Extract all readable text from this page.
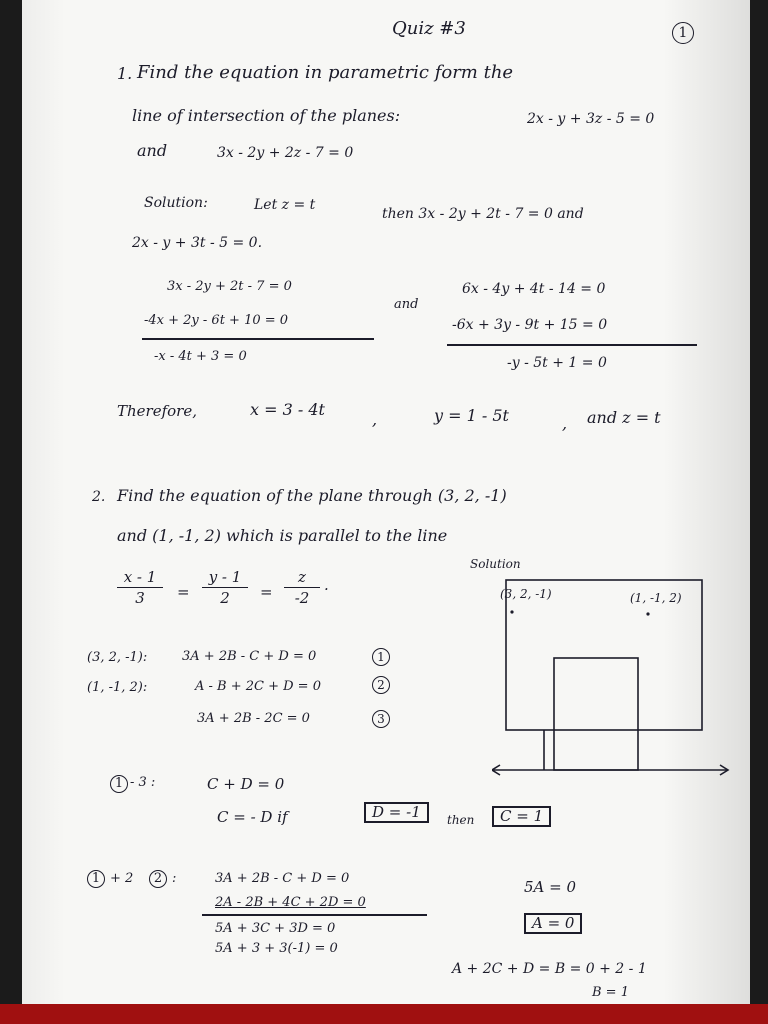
Quiz #3	1
1. Find the equation in parametric form the
line of intersection of the planes:	2x - y + 3z - 5 = 0
and	3x - 2y + 2z - 7 = 0
Solution:	Let z = t
then 3x - 2y + 2t - 7 = 0 and
2x - y + 3t - 5 = 0.
3x - 2y + 2t - 7 = 0
-4x + 2y - 6t + 10 = 0
-x - 4t + 3 = 0
and
6x - 4y + 4t - 14 = 0
-6x + 3y - 9t + 15 = 0
-y - 5t + 1 = 0
Therefore,	x = 3 - 4t
,	y = 1 - 5t	, and z = t
2. Find the equation of the plane through (3, 2, -1)
and (1, -1, 2) which is parallel to the line
Solution
x - 1
3	=
y - 1
2	=
z
-2
.	(3, 2, -1)	(1, -1, 2)
(3, 2, -1):	3A + 2B - C + D = 0	1
(1, -1, 2):	A - B + 2C + D = 0	2
3A + 2B - 2C = 0	3
1 - 3 :	C + D = 0
C = - D if	D = -1	then	C = 1
1 + 2	2 :	3A + 2B - C + D = 0
2A - 2B + 4C + 2D = 0
5A + 3C + 3D = 0
5A + 3 + 3(-1) = 0
5A = 0
A = 0
A + 2C + D = B = 0 + 2 - 1
B = 1
